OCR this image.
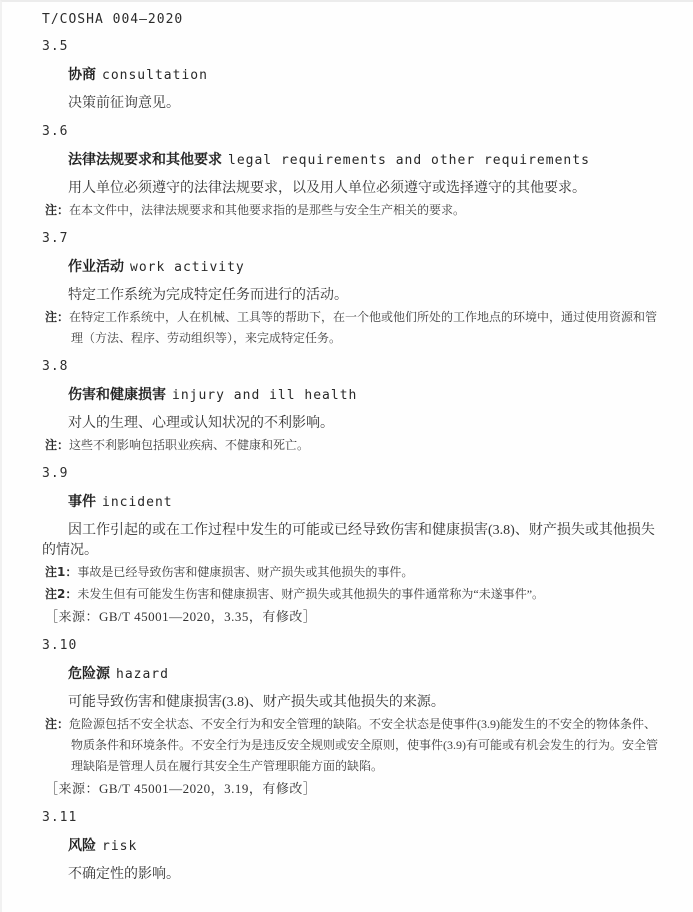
T/COSHA 004—2020
3.5
协商 consultation

决策前征询意见。

3.6
法律法规要求和其他要求 legal requirements and other requirements

用人单位必须遵守的法律法规要求，以及用人单位必须遵守或选择遵守的其他要求。

注：在本文件中，法律法规要求和其他要求指的是那些与安全生产相关的要求。
3.7
作业活动 work activity

特定工作系统为完成特定任务而进行的活动。

注：在特定工作系统中，人在机械、工具等的帮助下，在一个他或他们所处的工作地点的环境中，通过使用资源和管理（方法、程序、劳动组织等），来完成特定任务。
3.8
伤害和健康损害 injury and ill health

对人的生理、心理或认知状况的不利影响。

注：这些不利影响包括职业疾病、不健康和死亡。
3.9
事件 incident

因工作引起的或在工作过程中发生的可能或已经导致伤害和健康损害(3.8)、财产损失或其他损失的情况。

注1：事故是已经导致伤害和健康损害、财产损失或其他损失的事件。
注2：未发生但有可能发生伤害和健康损害、财产损失或其他损失的事件通常称为“未遂事件”。
［来源：GB/T 45001—2020，3.35，有修改］
3.10
危险源 hazard

可能导致伤害和健康损害(3.8)、财产损失或其他损失的来源。

注：危险源包括不安全状态、不安全行为和安全管理的缺陷。不安全状态是使事件(3.9)能发生的不安全的物体条件、物质条件和环境条件。不安全行为是违反安全规则或安全原则，使事件(3.9)有可能或有机会发生的行为。安全管理缺陷是管理人员在履行其安全生产管理职能方面的缺陷。
［来源：GB/T 45001—2020，3.19，有修改］
3.11
风险 risk

不确定性的影响。
